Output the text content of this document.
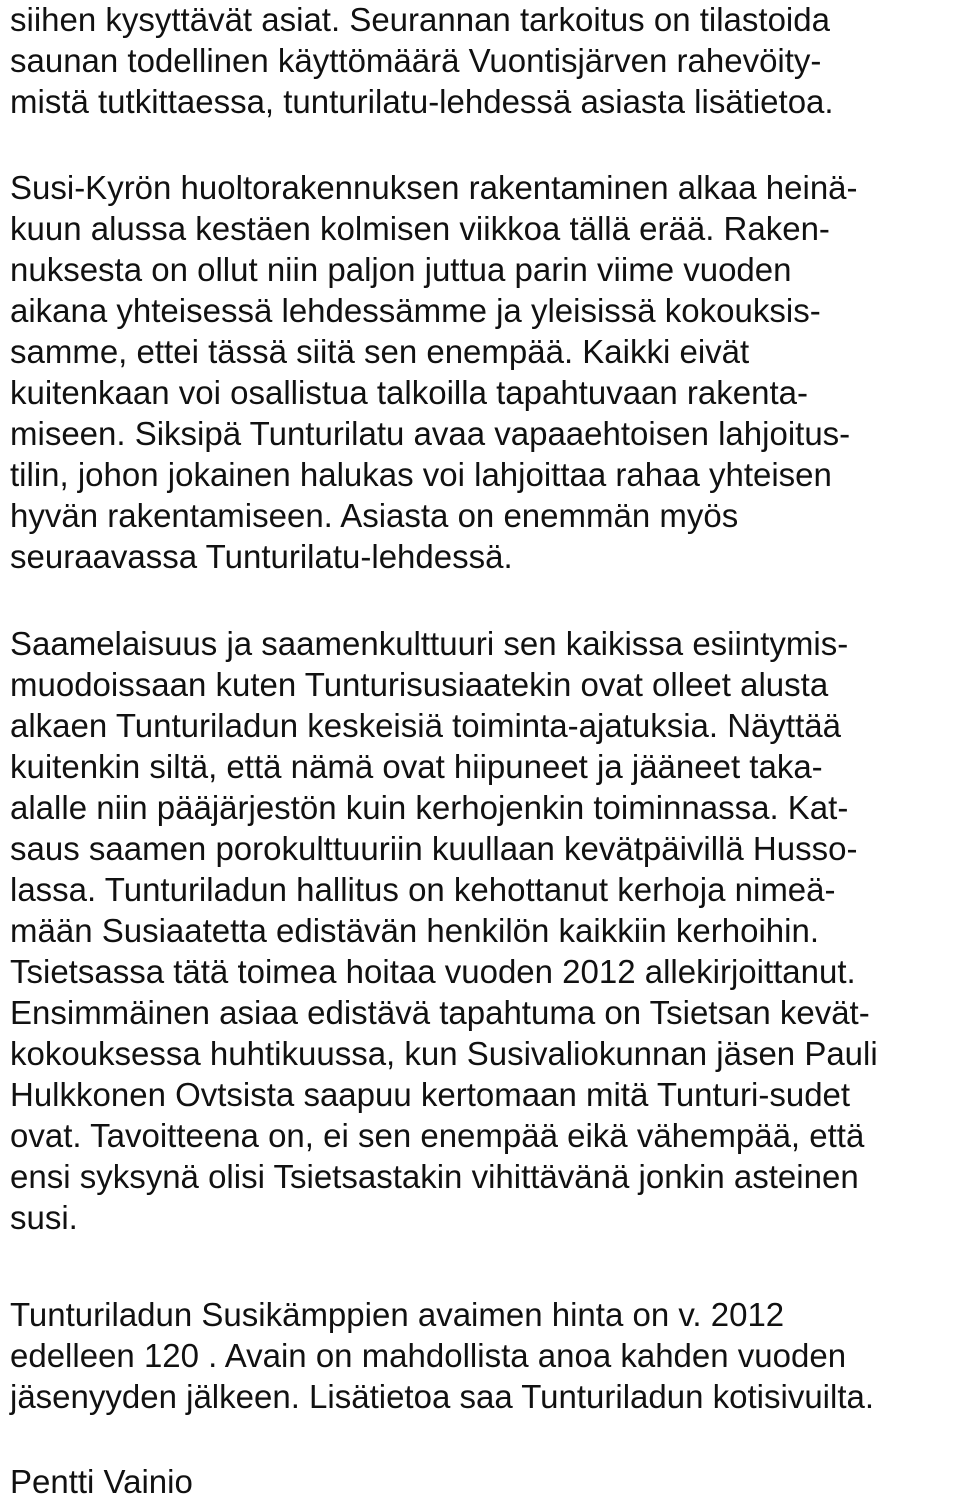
siihen kysyttävät asiat. Seurannan tarkoitus on tilastoida
saunan todellinen käyttömäärä Vuontisjärven rahevöity-
mistä tutkittaessa, tunturilatu-lehdessä asiasta lisätietoa.
Susi-Kyrön huoltorakennuksen rakentaminen alkaa heinä-
kuun alussa kestäen kolmisen viikkoa tällä erää. Raken-
nuksesta on ollut niin paljon juttua parin viime vuoden
aikana yhteisessä lehdessämme ja yleisissä kokouksis-
samme, ettei tässä siitä sen enempää. Kaikki eivät
kuitenkaan voi osallistua talkoilla tapahtuvaan rakenta-
miseen. Siksipä Tunturilatu avaa vapaaehtoisen lahjoitus-
tilin, johon jokainen halukas voi lahjoittaa rahaa yhteisen
hyvän rakentamiseen. Asiasta on enemmän myös
seuraavassa Tunturilatu-lehdessä.
Saamelaisuus ja saamenkulttuuri sen kaikissa esiintymis-
muodoissaan kuten Tunturisusiaatekin ovat olleet alusta
alkaen Tunturiladun keskeisiä toiminta-ajatuksia. Näyttää
kuitenkin siltä, että nämä ovat hiipuneet ja jääneet taka-
alalle niin pääjärjestön kuin kerhojenkin toiminnassa. Kat-
saus saamen porokulttuuriin kuullaan kevätpäivillä Husso-
lassa. Tunturiladun hallitus on kehottanut kerhoja nimeä-
mään Susiaatetta edistävän henkilön kaikkiin kerhoihin.
Tsietsassa tätä toimea hoitaa vuoden 2012 allekirjoittanut.
Ensimmäinen asiaa edistävä tapahtuma on Tsietsan kevät-
kokouksessa huhtikuussa, kun Susivaliokunnan jäsen Pauli
Hulkkonen Ovtsista saapuu kertomaan mitä Tunturi-sudet
ovat. Tavoitteena on, ei sen enempää eikä vähempää, että
ensi syksynä olisi Tsietsastakin vihittävänä jonkin asteinen
susi.
Tunturiladun Susikämppien avaimen hinta on v. 2012
edelleen 120 . Avain on mahdollista anoa kahden vuoden
jäsenyyden jälkeen. Lisätietoa saa Tunturiladun kotisivuilta.
Pentti Vainio
